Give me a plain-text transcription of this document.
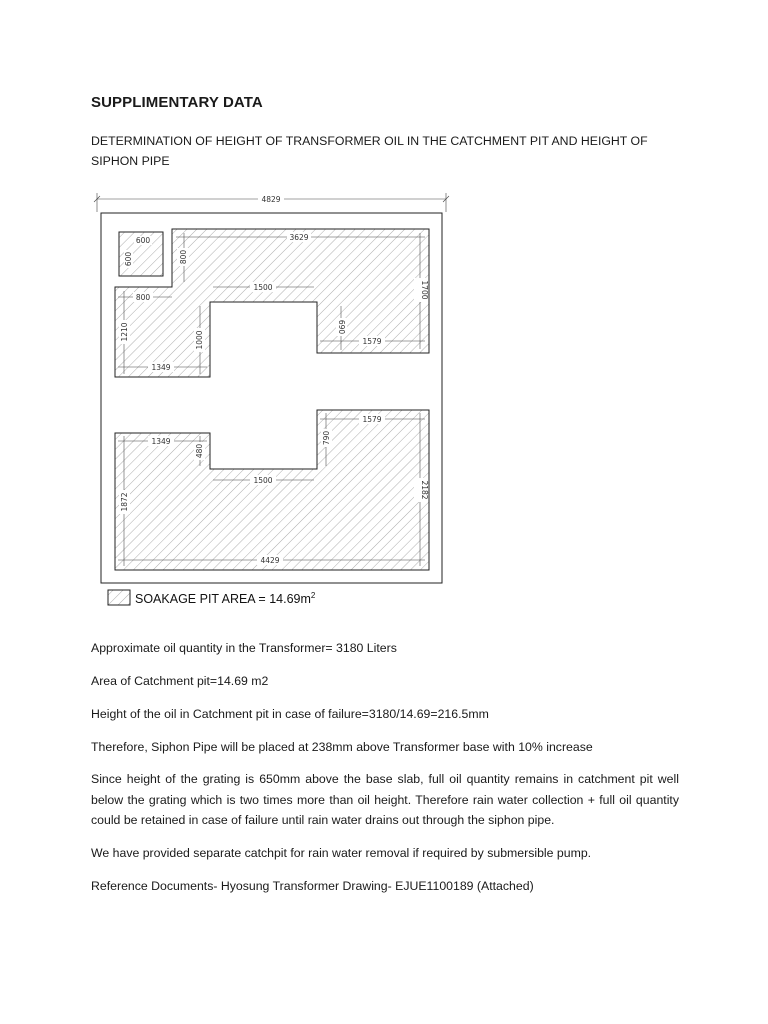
SUPPLIMENTARY DATA

DETERMINATION OF HEIGHT OF TRANSFORMER OIL IN THE CATCHMENT PIT AND HEIGHT OF SIPHON PIPE

4829
600
600
3629
800
800
1500	1700
690
1579
1210	1000
1349
1349
480
1579
790
1500
1872
2182
4429
SOAKAGE PIT AREA = $14.69m^2$

Approximate oil quantity in the Transformer= 3180 Liters

Area of Catchment pit=14.69 m2

Height of the oil in Catchment pit in case of failure=3180/14.69=216.5mm

Therefore, Siphon Pipe will be placed at 238mm above Transformer base with 10% increase

Since height of the grating is 650mm above the base slab, full oil quantity remains in catchment pit well below the grating which is two times more than oil height. Therefore rain water collection + full oil quantity could be retained in case of failure until rain water drains out through the siphon pipe.

We have provided separate catchpit for rain water removal if required by submersible pump.

Reference Documents- Hyosung Transformer Drawing- EJUE1100189 (Attached)
